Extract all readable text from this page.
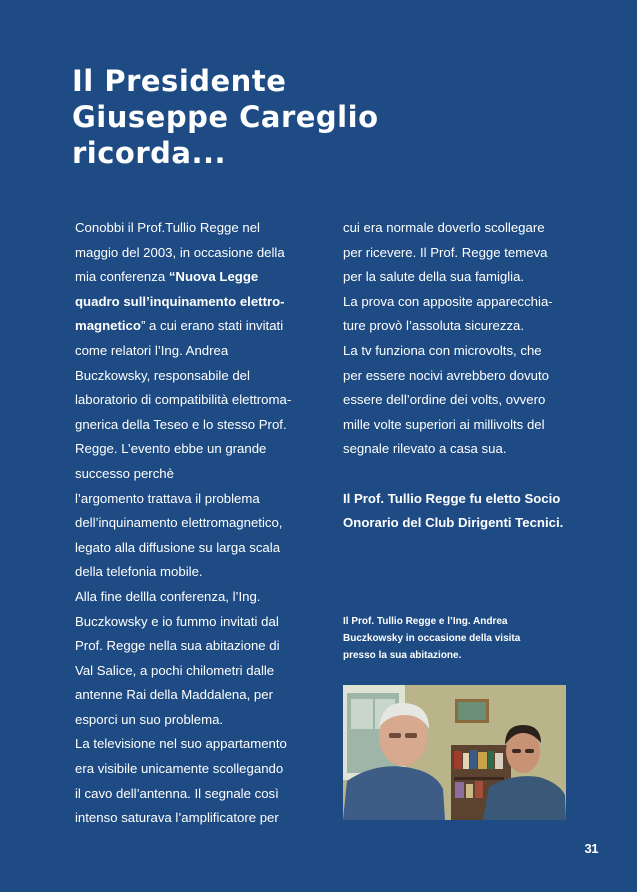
Il Presidente
Giuseppe Careglio
ricorda...
Conobbi il Prof.Tullio Regge nel
maggio del 2003, in occasione della
mia conferenza “Nuova Legge
quadro sull’inquinamento elettro-
magnetico” a cui erano stati invitati
come relatori l’Ing. Andrea
Buczkowsky, responsabile del
laboratorio di compatibilità elettroma-
gnerica della Teseo e lo stesso Prof.
Regge. L’evento ebbe un grande
successo perchè
l’argomento trattava il problema
dell’inquinamento elettromagnetico,
legato alla diffusione su larga scala
della telefonia mobile.
Alla fine dellla conferenza, l’Ing.
Buczkowsky e io fummo invitati dal
Prof. Regge nella sua abitazione di
Val Salice, a pochi chilometri dalle
antenne Rai della Maddalena, per
esporci un suo problema.
La televisione nel suo appartamento
era visibile unicamente scollegando
il cavo dell’antenna. Il segnale così
intenso saturava l’amplificatore per
cui era normale doverlo scollegare
per ricevere. Il Prof. Regge temeva
per la salute della sua famiglia.
La prova con apposite apparecchia-
ture provò l’assoluta sicurezza.
La tv funziona con microvolts, che
per essere nocivi avrebbero dovuto
essere dell’ordine dei volts, ovvero
mille volte superiori ai millivolts del
segnale rilevato a casa sua.
Il Prof. Tullio Regge fu eletto Socio
Onorario del Club Dirigenti Tecnici.
Il Prof. Tullio Regge e l’Ing. Andrea
Buczkowsky in occasione della visita
presso la sua abitazione.
31
